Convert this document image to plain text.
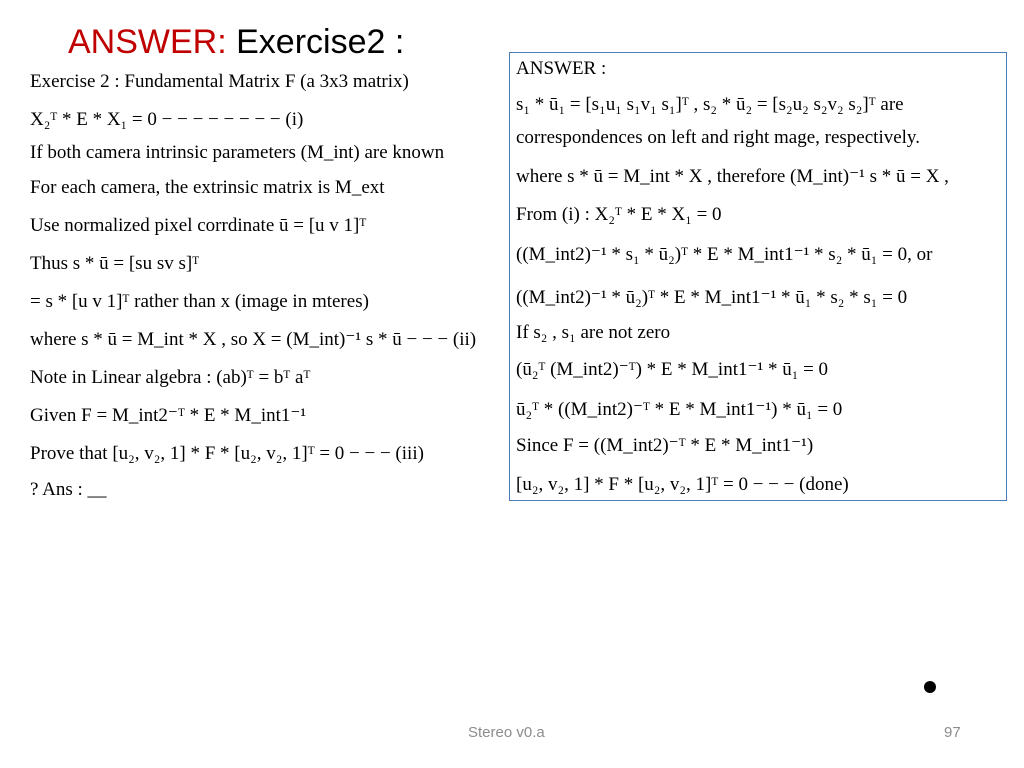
ANSWER: Exercise2 :
Exercise 2 : Fundamental Matrix F (a 3x3 matrix)
X₂ᵀ * E * X₁ = 0 − − − − − − − − (i)
If both camera intrinsic parameters (M_int) are known
For each camera, the extrinsic matrix is M_ext
Use normalized pixel corrdinate ū = [u v 1]ᵀ
Thus s * ū = [su sv s]ᵀ
= s * [u v 1]ᵀ rather than x (image in mteres)
where s * ū = M_int * X , so X = (M_int)⁻¹ s * ū − − − (ii)
Note in Linear algebra : (ab)ᵀ = bᵀ aᵀ
Given F = M_int2⁻ᵀ * E * M_int1⁻¹
Prove that [u₂, v₂, 1] * F * [u₂, v₂, 1]ᵀ = 0 − − − (iii)
? Ans : __
ANSWER :
s₁ * ū₁ = [s₁u₁ s₁v₁ s₁]ᵀ , s₂ * ū₂ = [s₂u₂ s₂v₂ s₂]ᵀ are
correspondences on left and right mage, respectively.
where s * ū = M_int * X , therefore (M_int)⁻¹ s * ū = X ,
From (i) : X₂ᵀ * E * X₁ = 0
((M_int2)⁻¹ * s₁ * ū₂)ᵀ * E * M_int1⁻¹ * s₂ * ū₁ = 0, or
((M_int2)⁻¹ * ū₂)ᵀ * E * M_int1⁻¹ * ū₁ * s₂ * s₁ = 0
If s₂ , s₁ are not zero
(ū₂ᵀ (M_int2)⁻ᵀ) * E * M_int1⁻¹ * ū₁ = 0
ū₂ᵀ * ((M_int2)⁻ᵀ * E * M_int1⁻¹) * ū₁ = 0
Since F = ((M_int2)⁻ᵀ * E * M_int1⁻¹)
[u₂, v₂, 1] * F * [u₂, v₂, 1]ᵀ = 0 − − − (done)
Stereo v0.a	97
